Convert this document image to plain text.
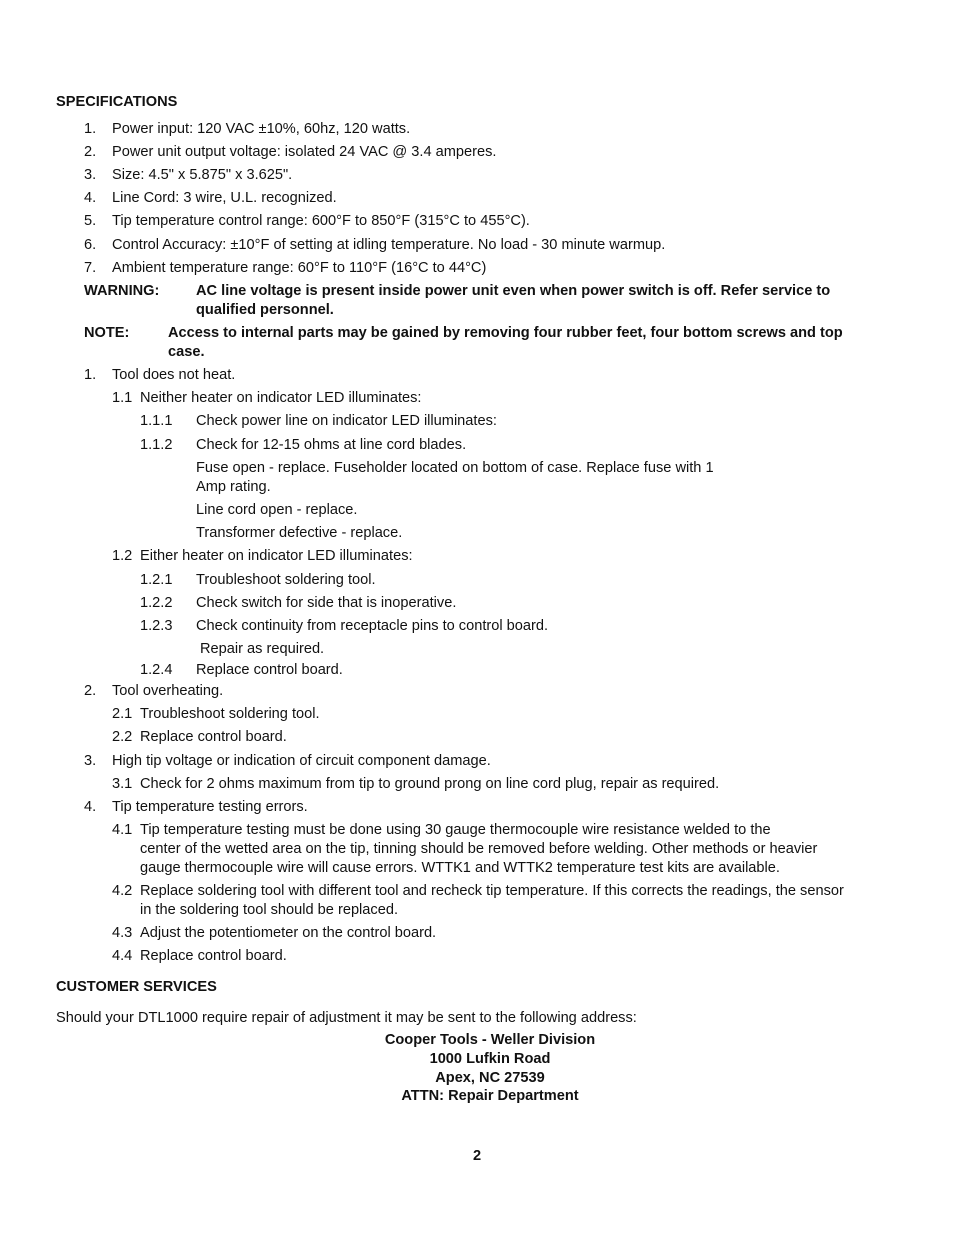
SPECIFICATIONS
1. Power input: 120 VAC ±10%, 60hz, 120 watts.
2. Power unit output voltage: isolated 24 VAC @ 3.4 amperes.
3. Size: 4.5" x 5.875" x 3.625".
4. Line Cord: 3 wire, U.L. recognized.
5. Tip temperature control range: 600°F to 850°F (315°C to 455°C).
6. Control Accuracy: ±10°F of setting at idling temperature. No load - 30 minute warmup.
7. Ambient temperature range: 60°F to 110°F (16°C to 44°C)
WARNING:	AC line voltage is present inside power unit even when power switch is off. Refer service to
qualified personnel.
NOTE:	Access to internal parts may be gained by removing four rubber feet, four bottom screws and top
case.
1. Tool does not heat.
1.1 Neither heater on indicator LED illuminates:
1.1.1 Check power line on indicator LED illuminates:
1.1.2 Check for 12-15 ohms at line cord blades.
Fuse open - replace. Fuseholder located on bottom of case. Replace fuse with 1
Amp rating.
Line cord open - replace.
Transformer defective - replace.
1.2 Either heater on indicator LED illuminates:
1.2.1 Troubleshoot soldering tool.
1.2.2 Check switch for side that is inoperative.
1.2.3 Check continuity from receptacle pins to control board.
Repair as required.
1.2.4 Replace control board.
2. Tool overheating.
2.1 Troubleshoot soldering tool.
2.2 Replace control board.
3. High tip voltage or indication of circuit component damage.
3.1 Check for 2 ohms maximum from tip to ground prong on line cord plug, repair as required.
4. Tip temperature testing errors.
4.1 Tip temperature testing must be done using 30 gauge thermocouple wire resistance welded to the
center of the wetted area on the tip, tinning should be removed before welding. Other methods or heavier
gauge thermocouple wire will cause errors. WTTK1 and WTTK2 temperature test kits are available.
4.2 Replace soldering tool with different tool and recheck tip temperature. If this corrects the readings, the sensor
in the soldering tool should be replaced.
4.3 Adjust the potentiometer on the control board.
4.4 Replace control board.
CUSTOMER SERVICES
Should your DTL1000 require repair of adjustment it may be sent to the following address:
Cooper Tools - Weller Division
1000 Lufkin Road
Apex, NC 27539
ATTN: Repair Department
2
